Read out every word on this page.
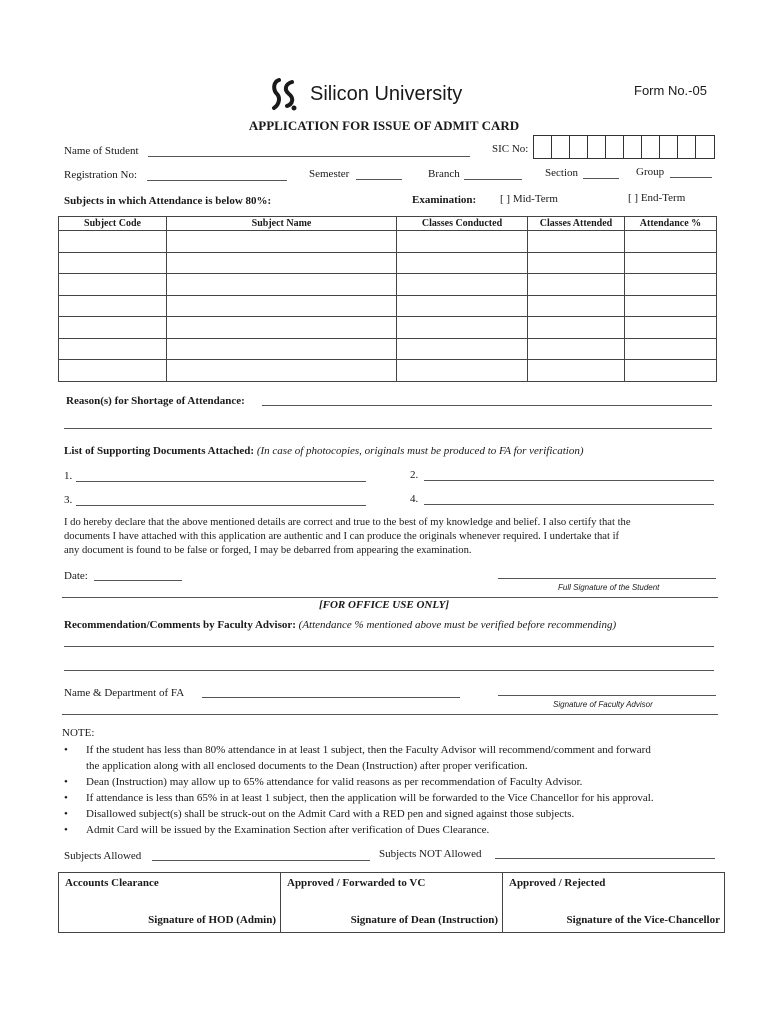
Silicon University	Form No.-05
APPLICATION FOR ISSUE OF ADMIT CARD
Name of Student	SIC No:
Registration No:	Semester	Branch	Section	Group
Subjects in which Attendance is below 80%:	Examination: [ ] Mid-Term	[ ] End-Term
Subject Code	Subject Name	Classes Conducted	Classes Attended	Attendance %

Reason(s) for Shortage of Attendance:
List of Supporting Documents Attached: (In case of photocopies, originals must be produced to FA for verification)
1.	2.
3.	4.
I do hereby declare that the above mentioned details are correct and true to the best of my knowledge and belief. I also certify that the
documents I have attached with this application are authentic and I can produce the originals whenever required. I undertake that if
any document is found to be false or forged, I may be debarred from appearing the examination.
Date:
Full Signature of the Student
[FOR OFFICE USE ONLY]
Recommendation/Comments by Faculty Advisor: (Attendance % mentioned above must be verified before recommending)
Name & Department of FA
Signature of Faculty Advisor
NOTE:
• If the student has less than 80% attendance in at least 1 subject, then the Faculty Advisor will recommend/comment and forward
the application along with all enclosed documents to the Dean (Instruction) after proper verification.
• Dean (Instruction) may allow up to 65% attendance for valid reasons as per recommendation of Faculty Advisor.
• If attendance is less than 65% in at least 1 subject, then the application will be forwarded to the Vice Chancellor for his approval.
• Disallowed subject(s) shall be struck-out on the Admit Card with a RED pen and signed against those subjects.
• Admit Card will be issued by the Examination Section after verification of Dues Clearance.
Subjects Allowed	Subjects NOT Allowed
Accounts Clearance
Signature of HOD (Admin)

Approved / Forwarded to VC
Signature of Dean (Instruction)

Approved / Rejected
Signature of the Vice-Chancellor
